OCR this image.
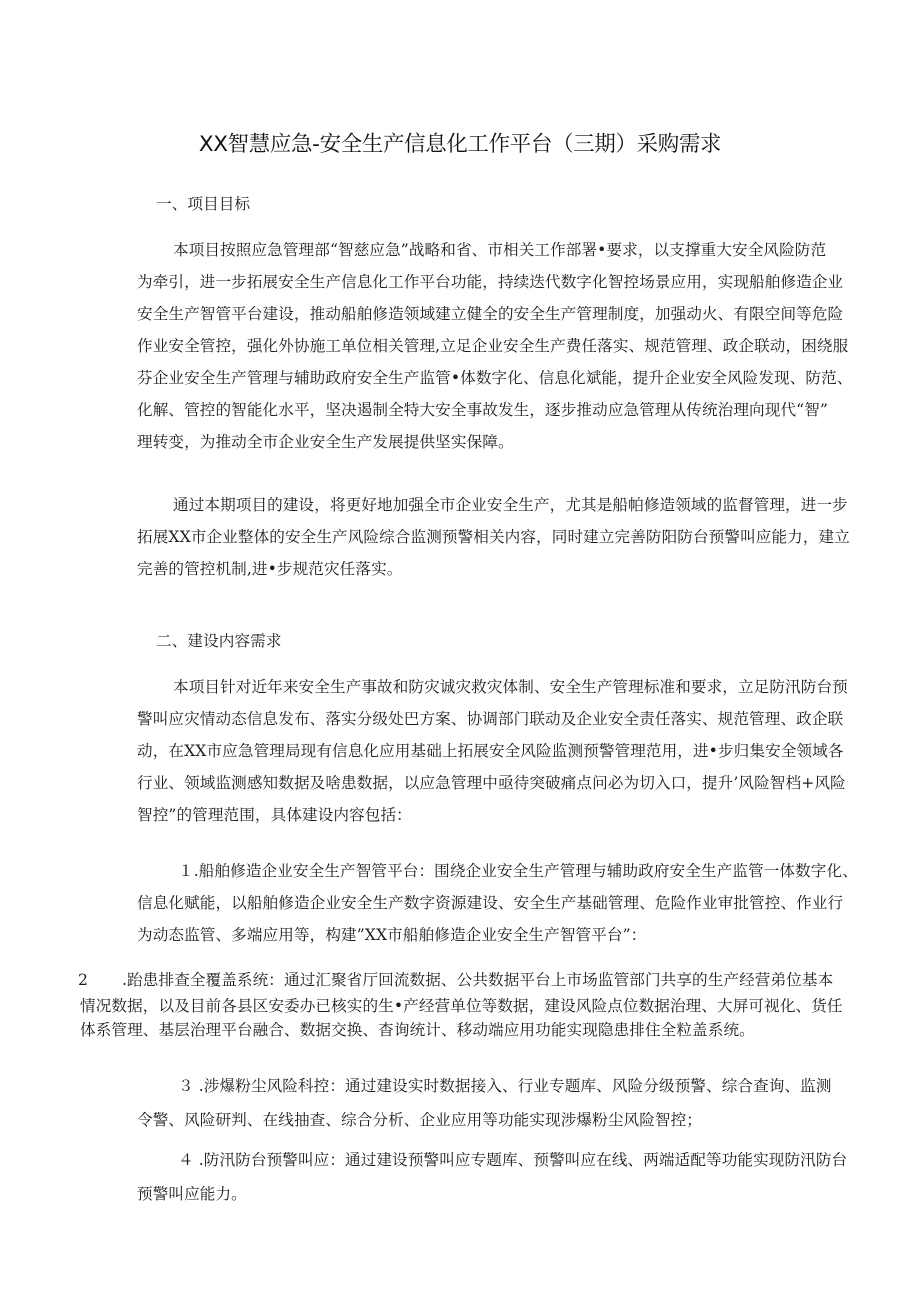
XX智慧应急-安全生产信息化工作平台（三期）采购需求
一、项目目标
本项目按照应急管理部“智慈应急”战略和省、市相关工作部署•要求，以支撑重大安全风险防范
为牵引，进一步拓展安全生产信息化工作平台功能，持续迭代数字化智控场景应用，实现船舶修造企业
安全生产智管平台建设，推动船舶修造领域建立健全的安全生产管理制度，加强动火、有限空间等危险
作业安全管控，强化外协施工单位相关管理,立足企业安全生产费任落实、规范管理、政企联动，困绕服
芬企业安全生产管理与辅助政府安全生产监管•体数字化、信息化斌能，提升企业安全风险发现、防范、
化解、管控的智能化水平，坚决遏制全特大安全事故发生，逐步推动应急管理从传统治理向现代“智”
理转变，为推动全市企业安全生产发展提供坚实保障。
通过本期项目的建设，将更好地加强全市企业安全生产，尤其是船帕修造领域的监督管理，进一步
拓展XX市企业整体的安全生产风险综合监测预警相关内容，同时建立完善防阳防台预警叫应能力，建立
完善的管控机制,进•步规范灾任落实。
二、建设内容需求
本项目针对近年来安全生产事故和防灾诚灾救灾体制、安全生产管理标准和要求，立足防汛防台预
警叫应灾情动态信息发布、落实分级处巴方案、协调部门联动及企业安全责任落实、规范管理、政企联
动，在XX市应急管理局现有信息化应用基础上拓展安全风险监测预警管理范用，进•步归集安全领域各
行业、领域监测感知数据及啥患数据，以应急管理中亟待突破痛点问必为切入口，提升’风险智档+风险
智控”的管理范围，具体建设内容包括：
１.船舶修造企业安全生产智管平台：围绕企业安全生产管理与辅助政府安全生产监管一体数字化、
信息化赋能，以船舶修造企业安全生产数字资源建设、安全生产基础管理、危险作业审批管控、作业行
为动态监管、多端应用等，构建”XX市船舶修造企业安全生产智管平台”：
2 .跆患排查全覆盖系统：通过汇聚省厅回流数据、公共数据平台上市场监管部门共享的生产经营弟位基本
情况数据，以及目前各县区安委办已核实的生•产经营单位等数据，建设风险点位数据治理、大屏可视化、货任
体系管理、基层治理平台融合、数据交换、杳询统计、移动端应用功能实现隐患排住全粒盖系统。
３ .涉爆粉尘风险科控：通过建设实时数据接入、行业专题库、风险分级预警、综合查询、监测
令警、风险研判、在线抽查、综合分析、企业应用等功能实现涉爆粉尘风险智控；
４ .防汛防台预警叫应：通过建设预警叫应专题库、预警叫应在线、两端适配等功能实现防汛防台
预警叫应能力。
